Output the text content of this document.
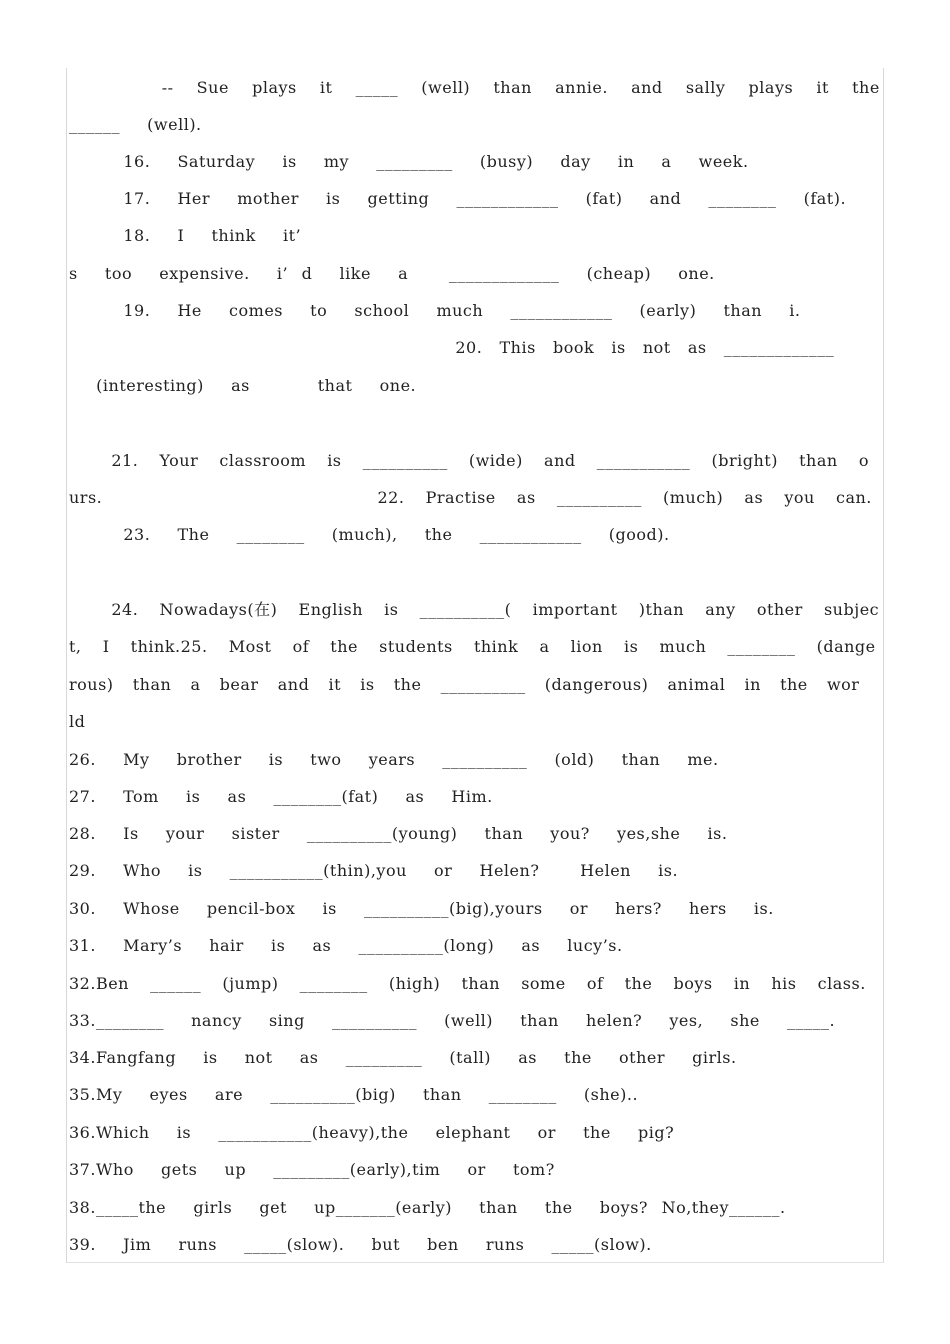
--  Sue  plays  it  _____  (well)  than  annie.  and  sally  plays  it  the
______  (well).
16.  Saturday  is  my  _________  (busy)  day  in  a  week.
17.  Her  mother  is  getting  ____________  (fat)  and  ________  (fat).
18.  I  think  it’
s  too  expensive.  i’ d  like  a   _____________  (cheap)  one.
19.  He  comes  to  school  much  ____________  (early)  than  i.
20.  This  book  is  not  as  _____________
(interesting)  as     that  one.
21.  Your  classroom  is  __________  (wide)  and  ___________  (bright)  than  o
urs.                          22.  Practise  as  __________  (much)  as  you  can.
23.  The  ________  (much),  the  ____________  (good).
24.  Nowadays(在)  English  is  __________(  important  )than  any  other  subjec
t,  I  think.25.  Most  of  the  students  think  a  lion  is  much  ________  (dange
rous)  than  a  bear  and  it  is  the  __________  (dangerous)  animal  in  the  wor
ld
26.  My  brother  is  two  years  __________  (old)  than  me.
27.  Tom  is  as  ________(fat)  as  Him.
28.  Is  your  sister  __________(young)  than  you?  yes,she  is.
29.  Who  is  ___________(thin),you  or  Helen?   Helen  is.
30.  Whose  pencil-box  is  __________(big),yours  or  hers?  hers  is.
31.  Mary’s  hair  is  as  __________(long)  as  lucy’s.
32.Ben  ______  (jump)  ________  (high)  than  some  of  the  boys  in  his  class.
33.________  nancy  sing  __________  (well)  than  helen?  yes,  she  _____.
34.Fangfang  is  not  as  _________  (tall)  as  the  other  girls.
35.My  eyes  are  __________(big)  than  ________  (she)..
36.Which  is  ___________(heavy),the  elephant  or  the  pig?
37.Who  gets  up  _________(early),tim  or  tom?
38._____the  girls  get  up_______(early)  than  the  boys? No,they______.
39.  Jim  runs  _____(slow).  but  ben  runs  _____(slow).
